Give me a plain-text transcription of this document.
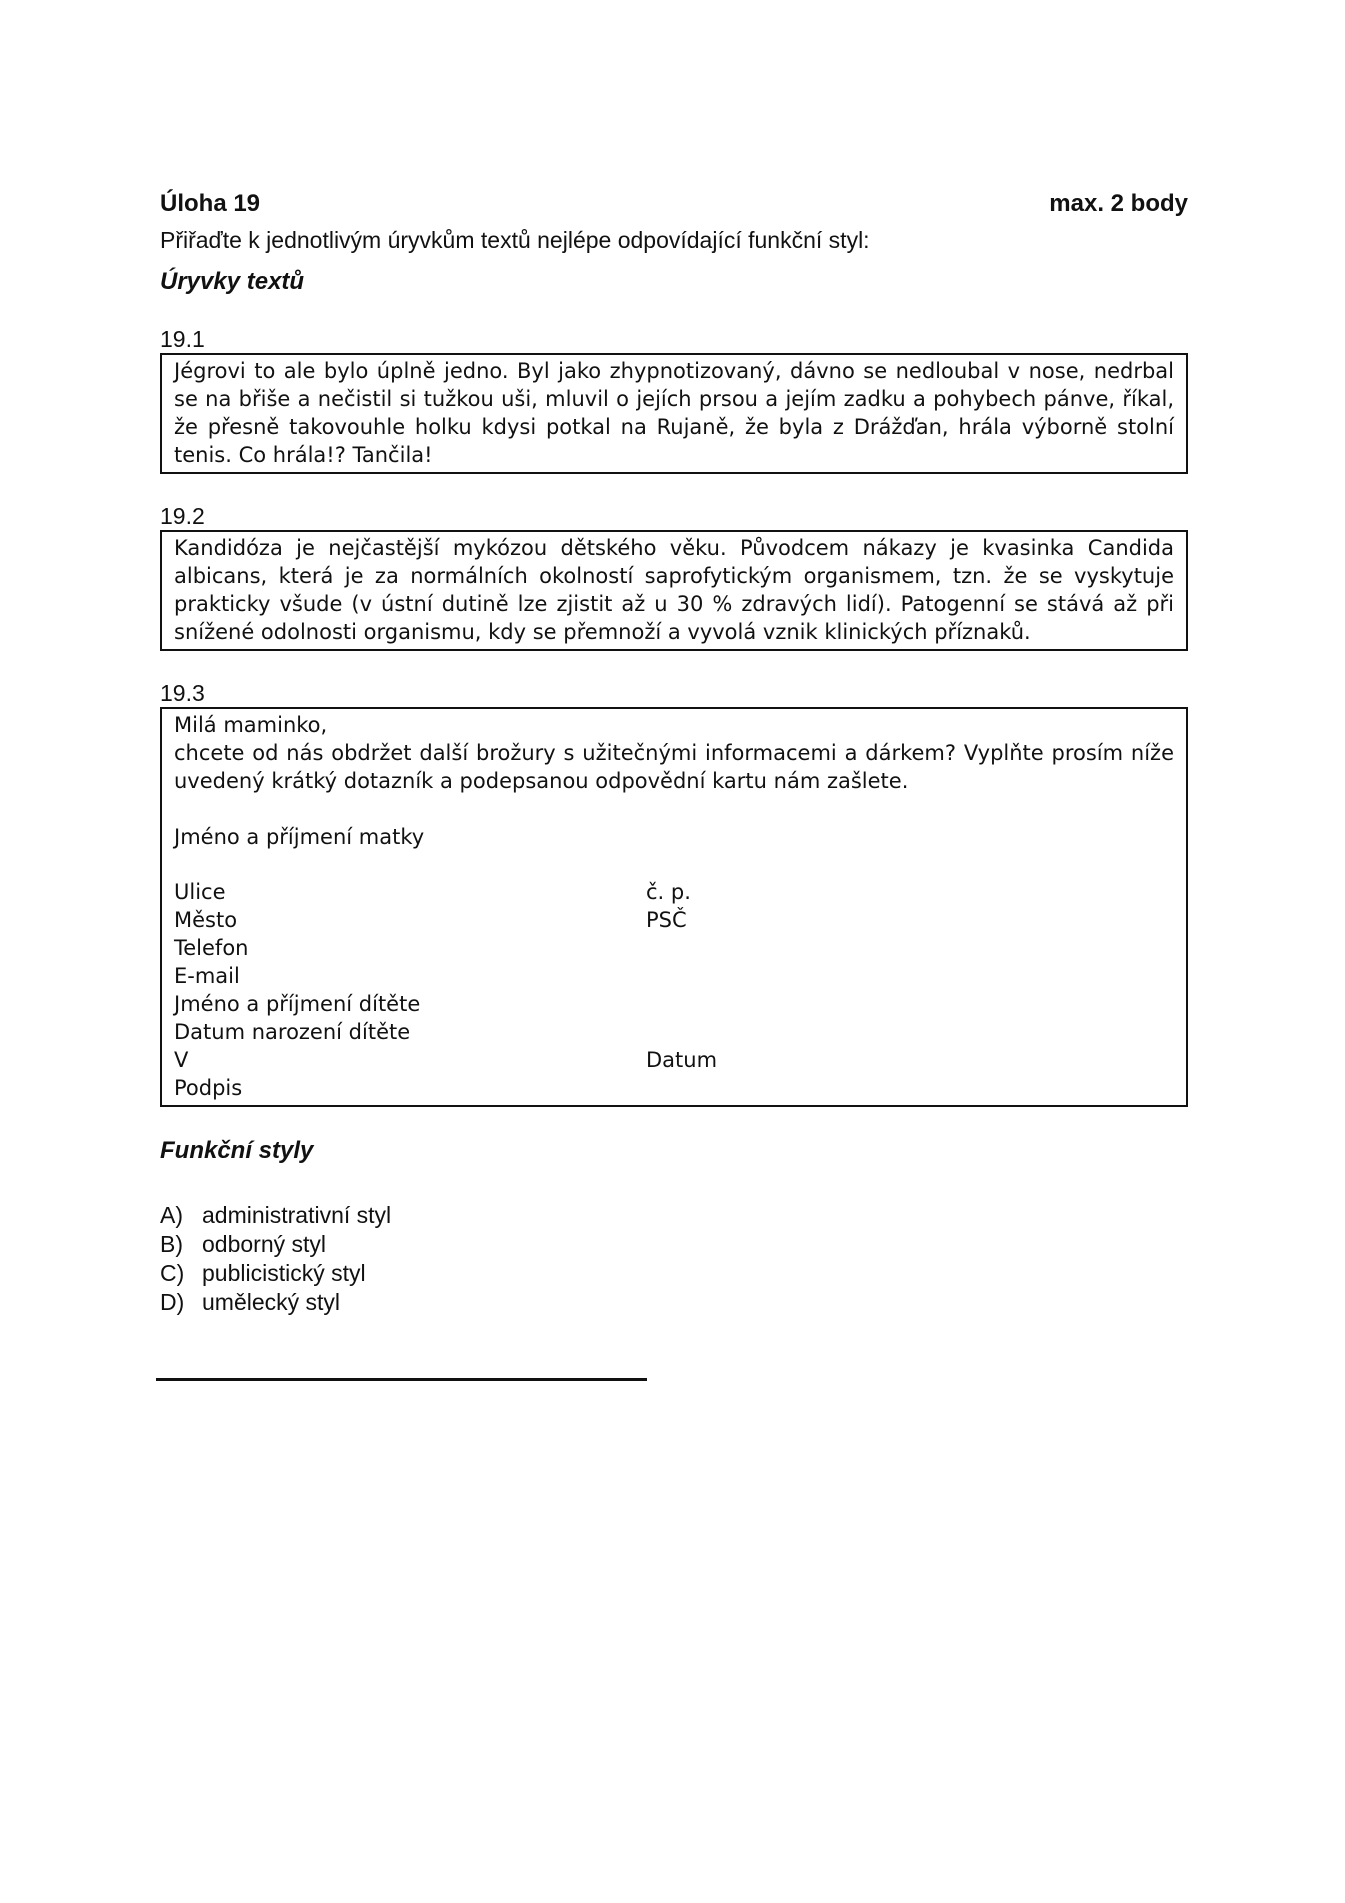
Úloha 19	max. 2 body
Přiřaďte k jednotlivým úryvkům textů nejlépe odpovídající funkční styl:
Úryvky textů
19.1
Jégrovi to ale bylo úplně jedno. Byl jako zhypnotizovaný, dávno se nedloubal v nose, nedrbal se na břiše a nečistil si tužkou uši, mluvil o jejích prsou a jejím zadku a pohybech pánve, říkal, že přesně takovouhle holku kdysi potkal na Rujaně, že byla z Drážďan, hrála výborně stolní tenis. Co hrála!? Tančila!
19.2
Kandidóza je nejčastější mykózou dětského věku. Původcem nákazy je kvasinka Candida albicans, která je za normálních okolností saprofytickým organismem, tzn. že se vyskytuje prakticky všude (v ústní dutině lze zjistit až u 30 % zdravých lidí). Patogenní se stává až při snížené odolnosti organismu, kdy se přemnoží a vyvolá vznik klinických příznaků.
19.3
Milá maminko,
chcete od nás obdržet další brožury s užitečnými informacemi a dárkem? Vyplňte prosím níže uvedený krátký dotazník a podepsanou odpovědní kartu nám zašlete.
Jméno a příjmení matky
Ulice	č. p.
Město	PSČ
Telefon
E-mail
Jméno a příjmení dítěte
Datum narození dítěte
V	Datum
Podpis
Funkční styly
A) administrativní styl
B) odborný styl
C) publicistický styl
D) umělecký styl
